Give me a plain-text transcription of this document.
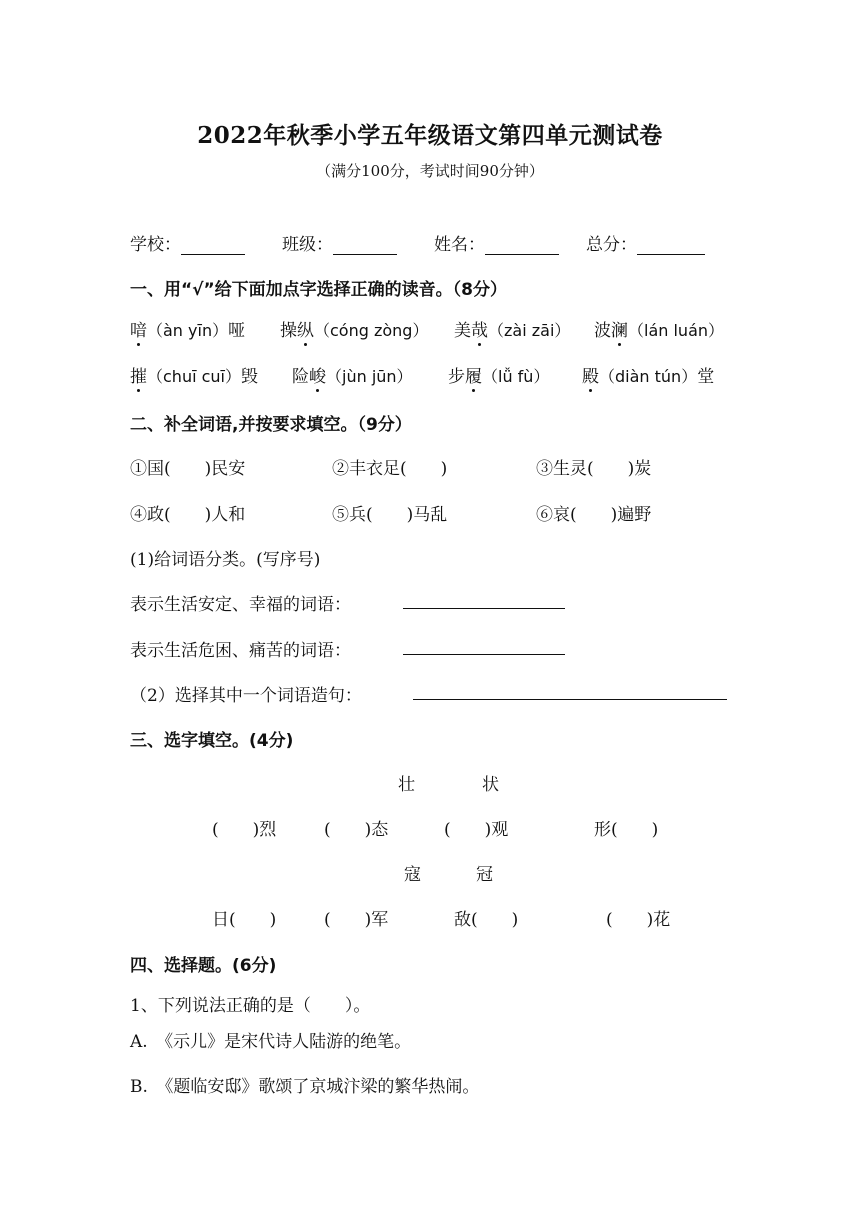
2022年秋季小学五年级语文第四单元测试卷
（满分100分，考试时间90分钟）
学校：	班级：	姓名：	总分：
一、用“√”给下面加点字选择正确的读音。（8分）
喑（àn yīn）哑 操纵（cóng zòng） 美哉（zài zāi） 波澜（lán luán）
摧（chuī cuī）毁 险峻（jùn jūn） 步履（lǚ fù） 殿（diàn tún）堂
二、补全词语,并按要求填空。（9分）
①国(　　)民安	②丰衣足(　　)	③生灵(　　)炭
④政(　　)人和	⑤兵(　　)马乱	⑥哀(　　)遍野
(1)给词语分类。(写序号)
表示生活安定、幸福的词语：
表示生活危困、痛苦的词语：
（2）选择其中一个词语造句：
三、选字填空。(4分)
壮	状
(　　)烈	(　　)态	(　　)观	形(　　)
寇	冠
日(　　)	(　　)军	敌(　　)	(　　)花
四、选择题。(6分)
1、下列说法正确的是（　　）。
A.　《示儿》是宋代诗人陆游的绝笔。
B.　《题临安邸》歌颂了京城汴梁的繁华热闹。
